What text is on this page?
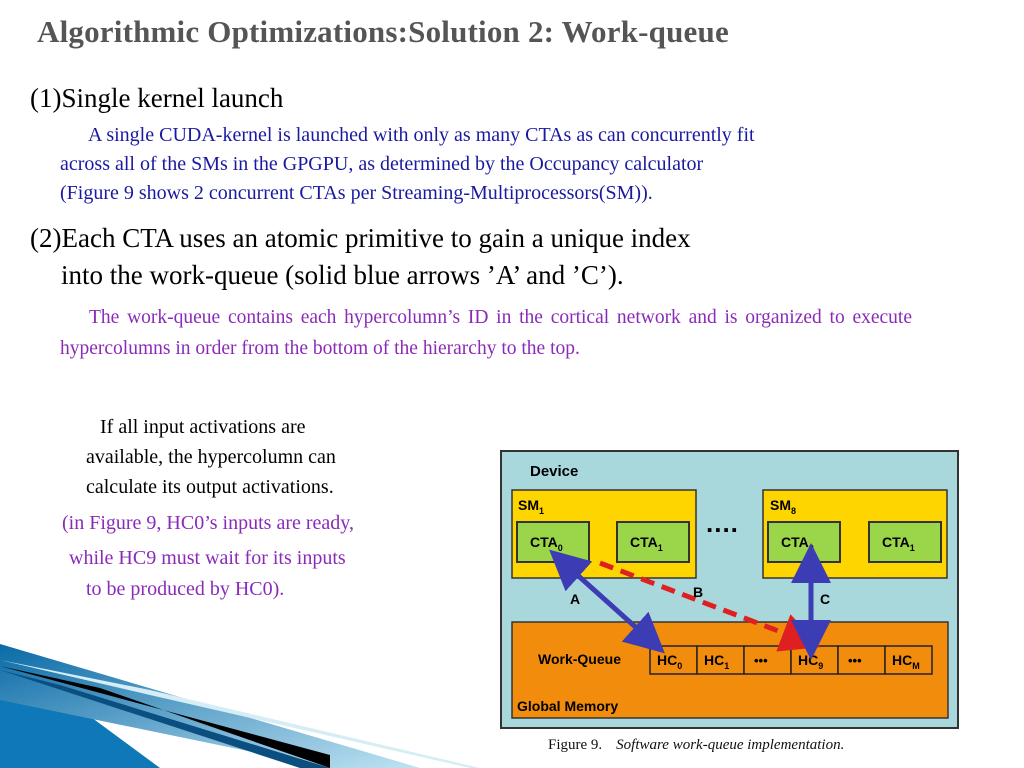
Algorithmic Optimizations:Solution 2: Work-queue
(1)Single kernel launch
A single CUDA-kernel is launched with only as many CTAs as can concurrently fit
across all of the SMs in the GPGPU, as determined by the Occupancy calculator
(Figure 9 shows 2 concurrent CTAs per Streaming-Multiprocessors(SM)).
(2)Each CTA uses an atomic primitive to gain a unique index
into the work-queue (solid blue arrows ’A’ and ’C’).
The work-queue contains each hypercolumn’s ID in the cortical network and is organized to execute hypercolumns in order from the bottom of the hierarchy to the top.
If all input activations are
available, the hypercolumn can
calculate its output activations.
(in Figure 9, HC0’s inputs are ready,
while HC9 must wait for its inputs
to be produced by HC0).
Device
$SM_1$
$CTA_0$	$CTA_1$
....
$SM_8$
$CTA_0$	$CTA_1$
Work-Queue
Global Memory
$HC_0$ $HC_1$ ••• $HC_9$ ••• $HC_M$
A	B	C
Figure 9. Software work-queue implementation.
